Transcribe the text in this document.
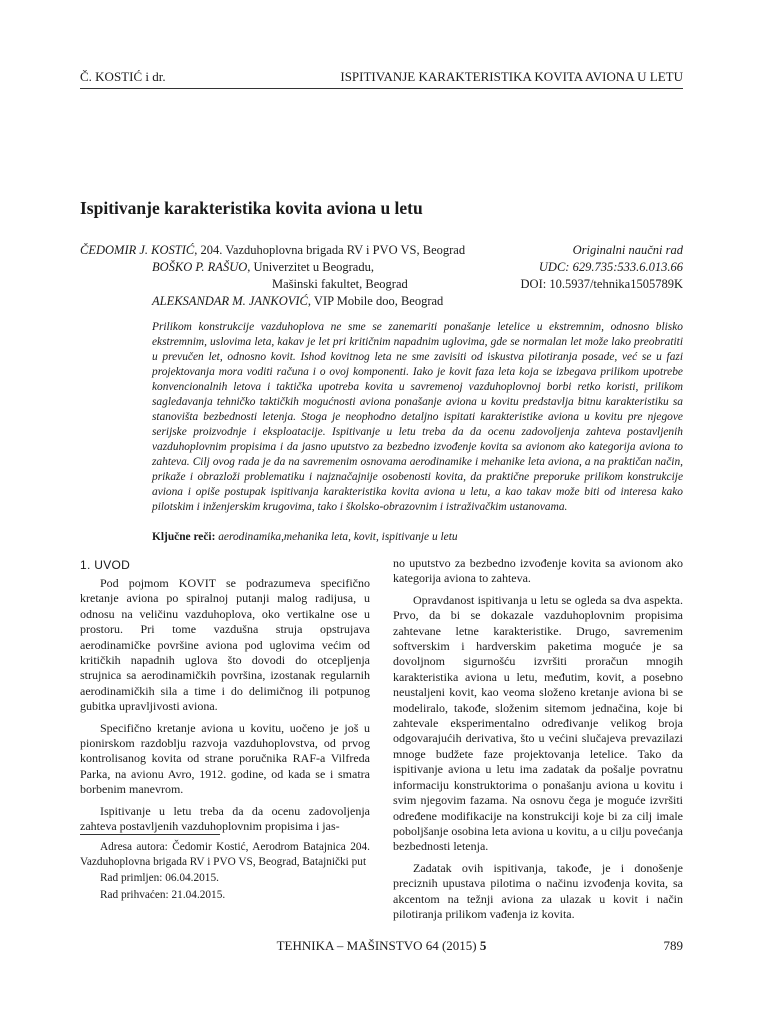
Č. KOSTIĆ i dr.	ISPITIVANJE KARAKTERISTIKA KOVITA AVIONA U LETU
Ispitivanje karakteristika kovita aviona u letu
ČEDOMIR J. KOSTIĆ, 204. Vazduhoplovna brigada RV i PVO VS, Beograd	Originalni naučni rad
BOŠKO P. RAŠUO, Univerzitet u Beogradu,	UDC: 629.735:533.6.013.66
Mašinski fakultet, Beograd	DOI: 10.5937/tehnika1505789K
ALEKSANDAR M. JANKOVIĆ, VIP Mobile doo, Beograd

Prilikom konstrukcije vazduhoplova ne sme se zanemariti ponašanje letelice u ekstremnim, odnosno blisko ekstremnim, uslovima leta, kakav je let pri kritičnim napadnim uglovima, gde se normalan let može lako preobratiti u prevučen let, odnosno kovit. Ishod kovitnog leta ne sme zavisiti od iskustva pilotiranja posade, već se u fazi projektovanja mora voditi računa i o ovoj komponenti. Iako je kovit faza leta koja se izbegava prilikom upotrebe konvencionalnih letova i taktička upotreba kovita u savremenoj vazduhoplovnoj borbi retko koristi, prilikom sagledavanja tehničko taktičkih mogućnosti aviona ponašanje aviona u kovitu predstavlja bitnu karakteristiku sa stanovišta bezbednosti letenja. Stoga je neophodno detaljno ispitati karakteristike aviona u kovitu pre njegove serijske proizvodnje i eksploatacije. Ispitivanje u letu treba da da ocenu zadovoljenja zahteva postavljenih vazduhoplovnim propisima i da jasno uputstvo za bezbedno izvođenje kovita sa avionom ako kategorija aviona to zahteva. Cilj ovog rada je da na savremenim osnovama aerodinamike i mehanike leta aviona, a na praktičan način, prikaže i obrazloži problematiku i najznačajnije osobenosti kovita, da praktične preporuke prilikom konstrukcije aviona i opiše postupak ispitivanja karakteristika kovita aviona u letu, a kao takav može biti od interesa kako pilotskim i inženjerskim krugovima, tako i školsko-obrazovnim i istraživačkim ustanovama.

Ključne reči: aerodinamika,mehanika leta, kovit, ispitivanje u letu
1. UVOD

Pod pojmom KOVIT se podrazumeva specifično kretanje aviona po spiralnoj putanji malog radijusa, u odnosu na veličinu vazduhoplova, oko vertikalne ose u prostoru. Pri tome vazdušna struja opstrujava aerodinamičke površine aviona pod uglovima većim od kritičkih napadnih uglova što dovodi do otcepljenja strujnica sa aerodinamičkih površina, izostanak regularnih aerodinamičkih sila a time i do delimičnog ili potpunog gubitka upravljivosti aviona.

Specifično kretanje aviona u kovitu, uočeno je još u pionirskom razdoblju razvoja vazduhoplovstva, od prvog kontrolisanog kovita od strane poručnika RAF-a Vilfreda Parka, na avionu Avro, 1912. godine, od kada se i smatra borbenim manevrom.

Ispitivanje u letu treba da da ocenu zadovoljenja zahteva postavljenih vazduhoplovnim propisima i jas-

no uputstvo za bezbedno izvođenje kovita sa avionom ako kategorija aviona to zahteva.

Opravdanost ispitivanja u letu se ogleda sa dva aspekta. Prvo, da bi se dokazale vazduhoplovnim propisima zahtevane letne karakteristike. Drugo, savremenim softverskim i hardverskim paketima moguće je sa dovoljnom sigurnošću izvršiti proračun mnogih karakteristika aviona u letu, međutim, kovit, a posebno neustaljeni kovit, kao veoma složeno kretanje aviona bi se modeliralo, takođe, složenim sitemom jednačina, koje bi zahtevale eksperimentalno određivanje velikog broja odgovarajućih derivativa, što u većini slučajeva prevazilazi mnoge budžete faze projektovanja letelice. Tako da ispitivanje aviona u letu ima zadatak da pošalje povratnu informaciju konstruktorima o ponašanju aviona u kovitu i svim njegovim fazama. Na osnovu čega je moguće izvršiti određene modifikacije na konstrukciji koje bi za cilj imale poboljšanje osobina leta aviona u kovitu, a u cilju povećanja bezbednosti letenja.

Zadatak ovih ispitivanja, takođe, je i donošenje preciznih upustava pilotima o načinu izvođenja kovita, sa akcentom na težnji aviona za ulazak u kovit i način pilotiranja prilikom vađenja iz kovita.

Adresa autora: Čedomir Kostić, Aerodrom Batajnica 204. Vazduhoplovna brigada RV i PVO VS, Beograd, Batajnički put

Rad primljen: 06.04.2015.

Rad prihvaćen: 21.04.2015.

TEHNIKA – MAŠINSTVO 64 (2015) 5	789
